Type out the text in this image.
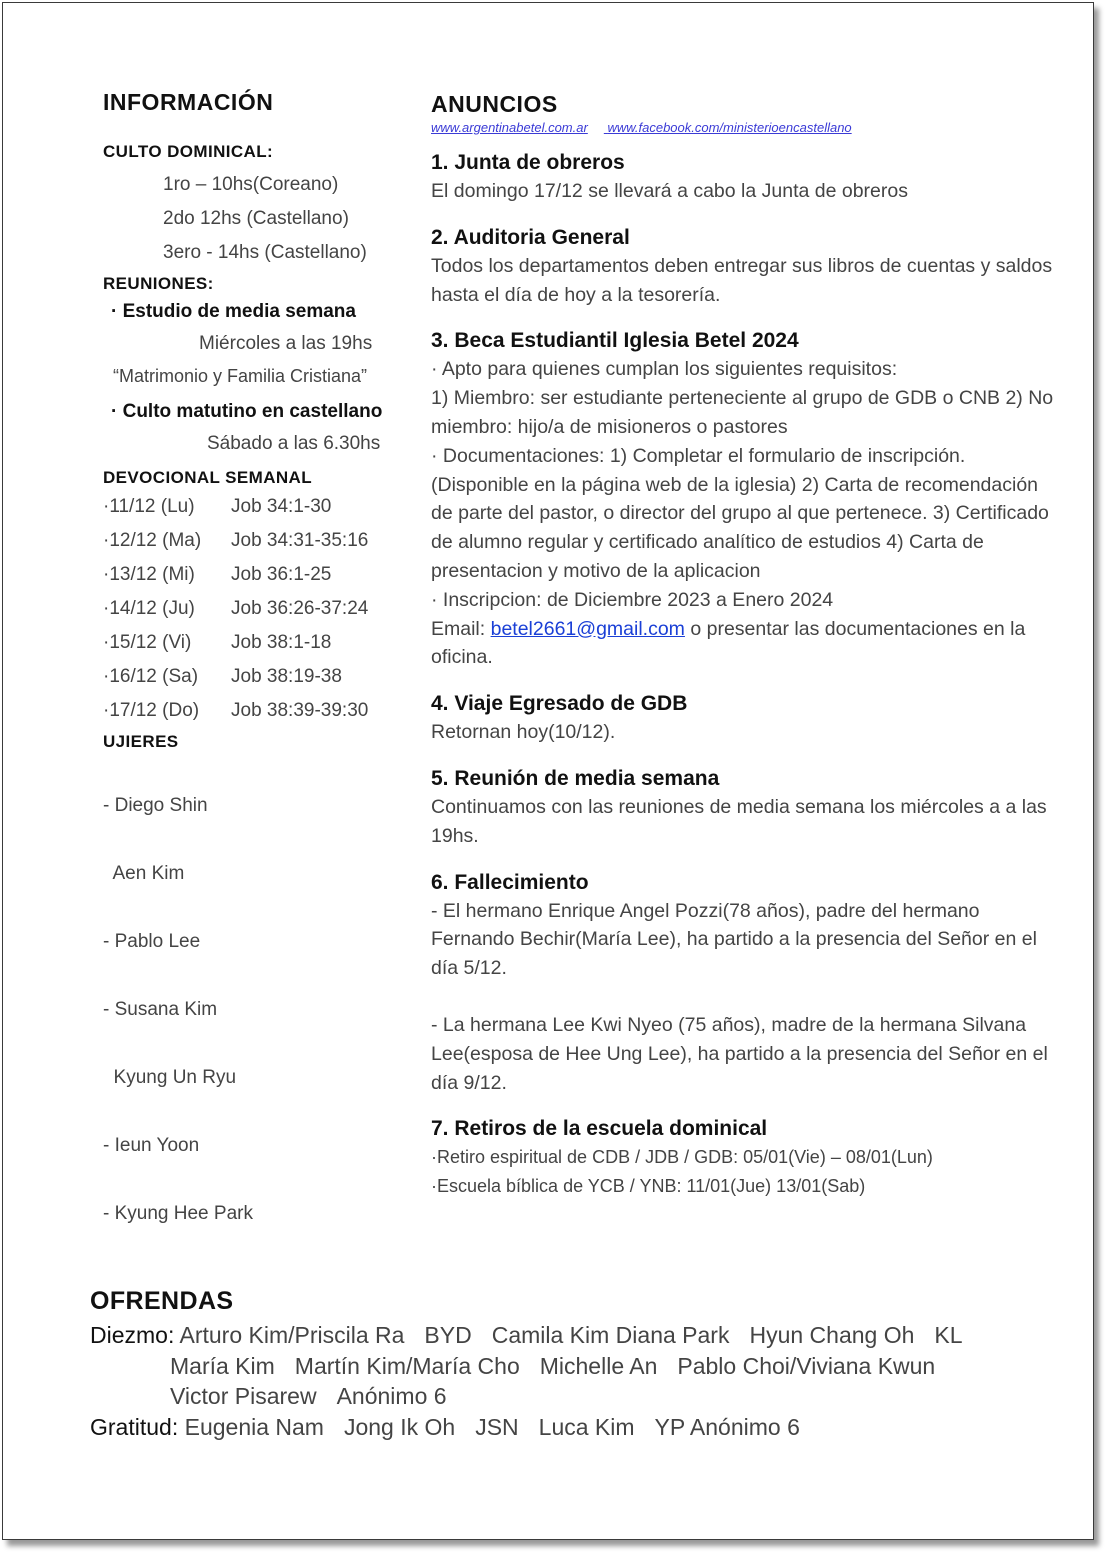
INFORMACIÓN
CULTO DOMINICAL:
1ro – 10hs(Coreano)
2do 12hs (Castellano)
3ero - 14hs (Castellano)
REUNIONES:
· Estudio de media semana
Miércoles a las 19hs
“Matrimonio y Familia Cristiana”
· Culto matutino en castellano
Sábado a las 6.30hs
DEVOCIONAL SEMANAL
·11/12 (Lu)	Job 34:1-30
·12/12 (Ma)	Job 34:31-35:16
·13/12 (Mi)	Job 36:1-25
·14/12 (Ju)	Job 36:26-37:24
·15/12 (Vi)	Job 38:1-18
·16/12 (Sa)	Job 38:19-38
·17/12 (Do)	Job 38:39-39:30
UJIERES

- Diego Shin

Aen Kim

- Pablo Lee

- Susana Kim

Kyung Un Ryu

- Ieun Yoon

- Kyung Hee Park

ANUNCIOS
www.argentinabetel.com.ar www.facebook.com/ministerioencastellano
1. Junta de obreros
El domingo 17/12 se llevará a cabo la Junta de obreros
2. Auditoria General
Todos los departamentos deben entregar sus libros de cuentas y saldos hasta el día de hoy a la tesorería.
3. Beca Estudiantil Iglesia Betel 2024
· Apto para quienes cumplan los siguientes requisitos:
1) Miembro: ser estudiante perteneciente al grupo de GDB o CNB 2) No miembro: hijo/a de misioneros o pastores
· Documentaciones: 1) Completar el formulario de inscripción. (Disponible en la página web de la iglesia) 2) Carta de recomendación de parte del pastor, o director del grupo al que pertenece. 3) Certificado de alumno regular y certificado analítico de estudios 4) Carta de presentacion y motivo de la aplicacion
· Inscripcion: de Diciembre 2023 a Enero 2024
Email: betel2661@gmail.com o presentar las documentaciones en la oficina.
4. Viaje Egresado de GDB
Retornan hoy(10/12).
5. Reunión de media semana
Continuamos con las reuniones de media semana los miércoles a a las 19hs.
6. Fallecimiento
- El hermano Enrique Angel Pozzi(78 años), padre del hermano Fernando Bechir(María Lee), ha partido a la presencia del Señor en el día 5/12.
- La hermana Lee Kwi Nyeo (75 años), madre de la hermana Silvana Lee(esposa de Hee Ung Lee), ha partido a la presencia del Señor en el día 9/12.
7. Retiros de la escuela dominical
·Retiro espiritual de CDB / JDB / GDB: 05/01(Vie) – 08/01(Lun)
·Escuela bíblica de YCB / YNB: 11/01(Jue) 13/01(Sab)
OFRENDAS
Diezmo: Arturo Kim/Priscila Ra BYD Camila Kim Diana Park Hyun Chang Oh KL
María Kim Martín Kim/María Cho Michelle An Pablo Choi/Viviana Kwun
Victor Pisarew Anónimo 6
Gratitud: Eugenia Nam Jong Ik Oh JSN Luca Kim YP Anónimo 6
